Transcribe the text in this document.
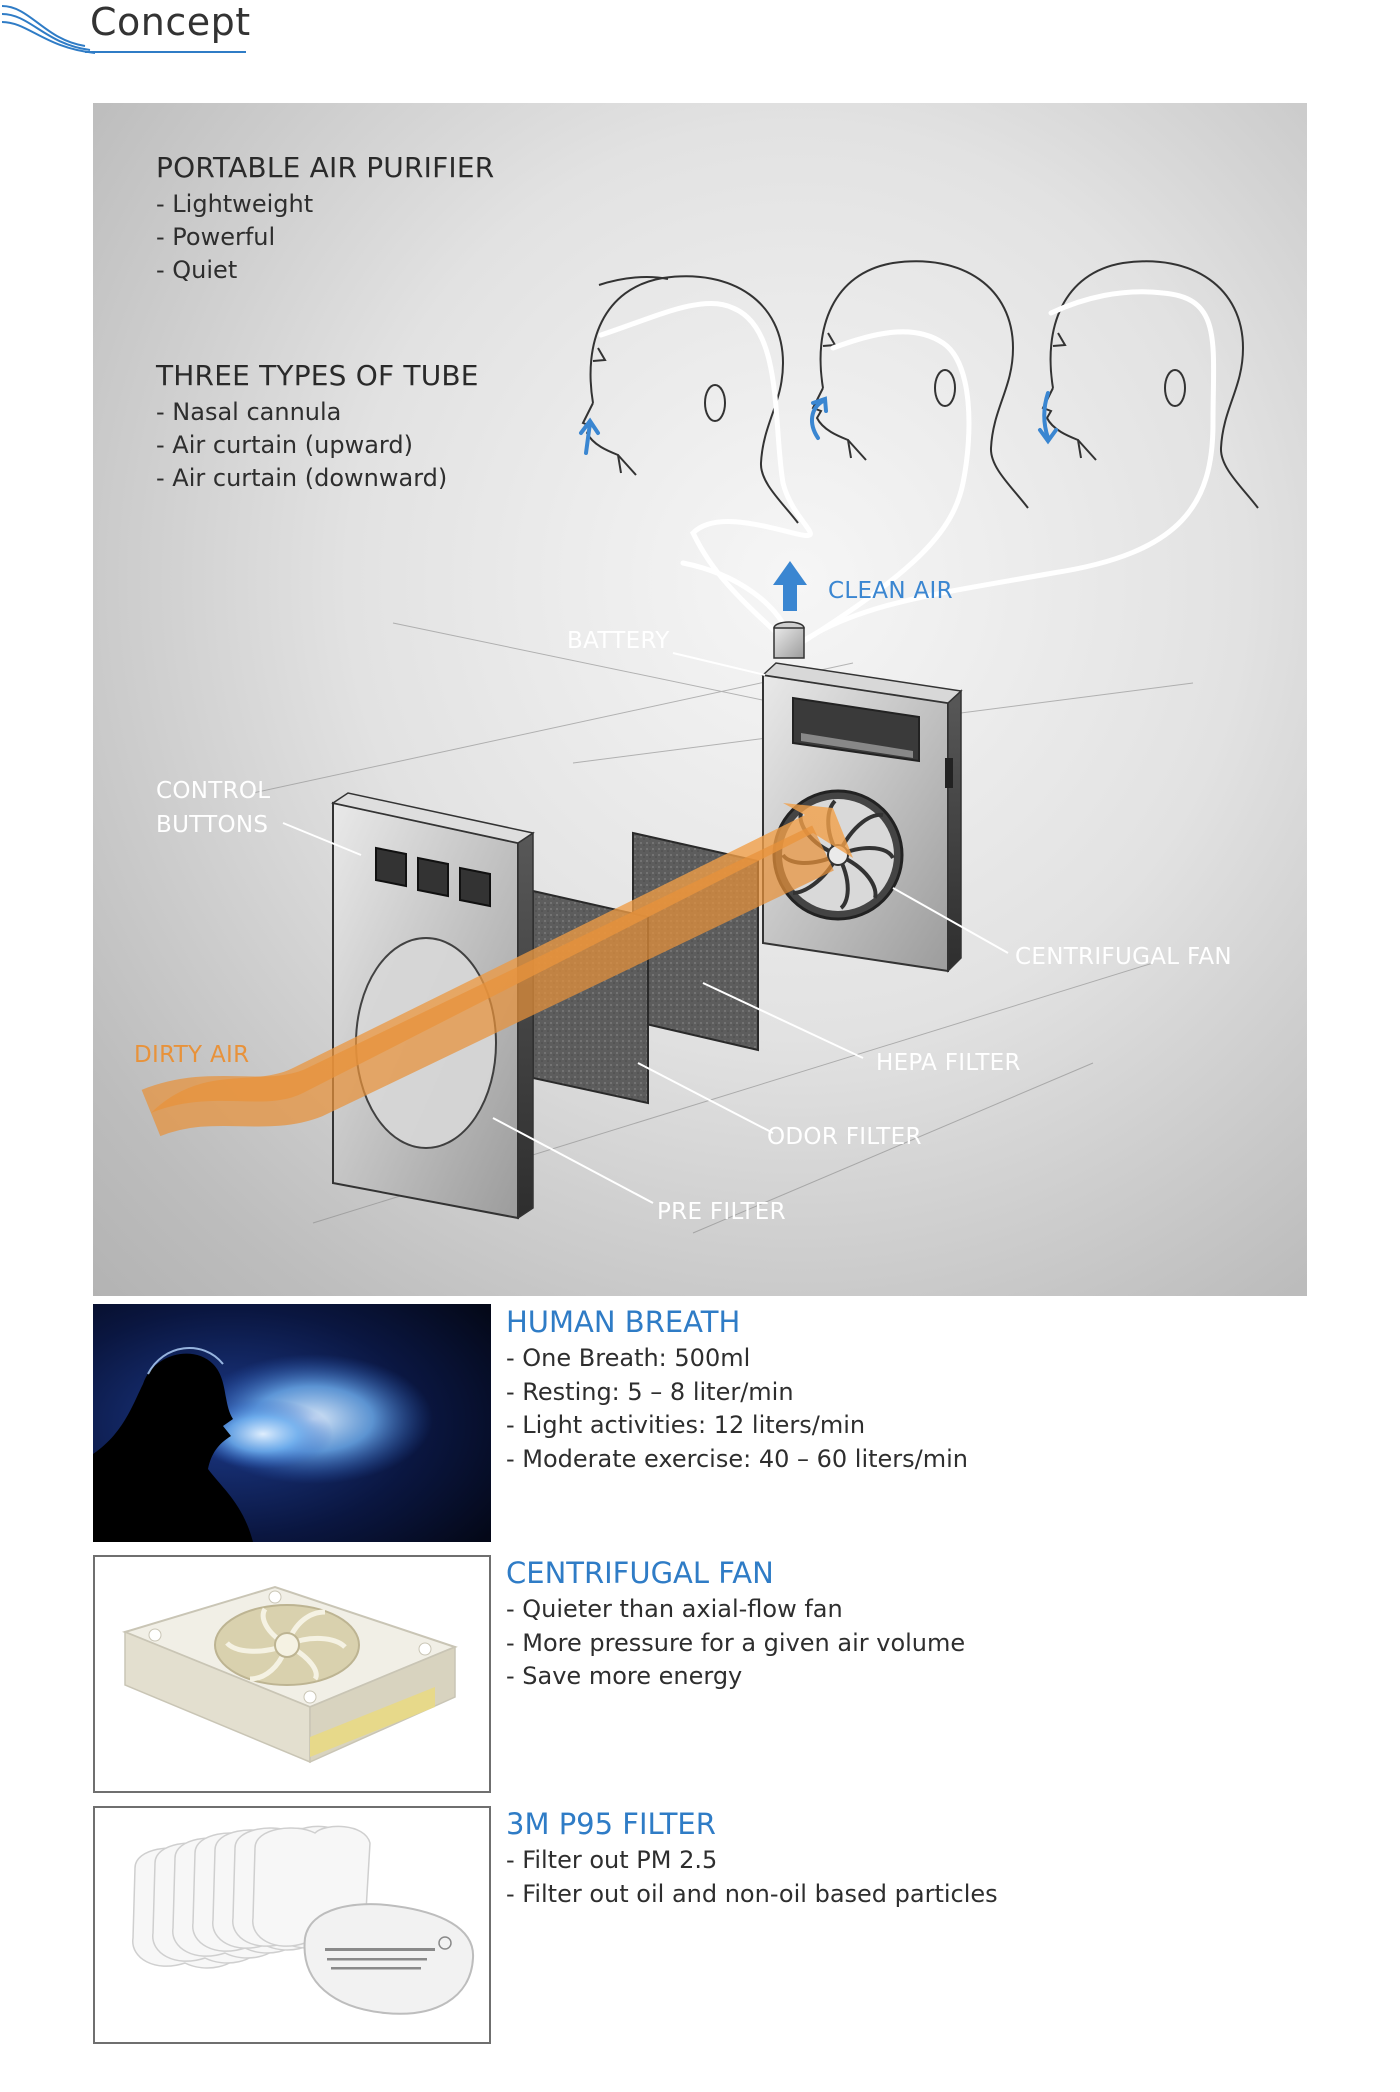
Concept
PORTABLE AIR PURIFIER
- Lightweight
- Powerful
- Quiet
THREE TYPES OF TUBE
- Nasal cannula
- Air curtain (upward)
- Air curtain (downward)
CLEAN AIR
BATTERY
CONTROL
BUTTONS
CENTRIFUGAL FAN
DIRTY AIR	HEPA FILTER
ODOR FILTER
PRE FILTER
HUMAN BREATH
- One Breath: 500ml
- Resting: 5 – 8 liter/min
- Light activities: 12 liters/min
- Moderate exercise: 40 – 60 liters/min
CENTRIFUGAL FAN
- Quieter than axial-flow fan
- More pressure for a given air volume
- Save more energy
3M P95 FILTER
- Filter out PM 2.5
- Filter out oil and non-oil based particles
